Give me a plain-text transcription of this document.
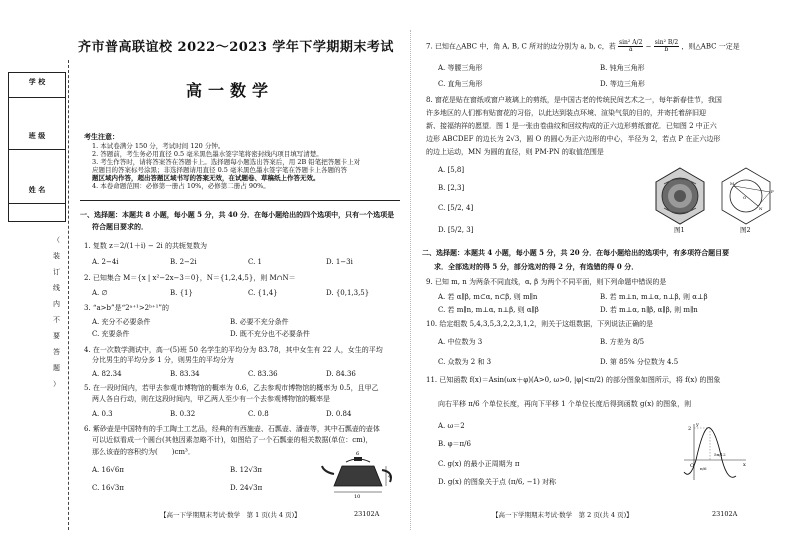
学 校
班 级
姓 名
（
装
订
线
内
不
要
答
题
）
齐市普高联谊校 2022～2023 学年下学期期末考试
高一数学
考生注意：
1. 本试卷满分 150 分，考试时间 120 分钟。
2. 答题前，考生务必用直径 0.5 毫米黑色墨水签字笔将密封线内项目填写清楚。
3. 考生作答时，请将答案答在答题卡上。选择题每小题选出答案后，用 2B 铅笔把答题卡上对
应题目的答案标号涂黑；非选择题请用直径 0.5 毫米黑色墨水签字笔在答题卡上各题的答
题区域内作答，超出答题区域书写的答案无效，在试题卷、草稿纸上作答无效。
4. 本卷命题范围：必修第一册占 10%，必修第二册占 90%。
一、选择题：本题共 8 小题，每小题 5 分，共 40 分．在每小题给出的四个选项中，只有一个选项是
符合题目要求的．
1. 复数 z＝2/(1＋i) − 2i 的共轭复数为
A. 2−4i	B. 2−2i	C. 1	D. 1−3i
2. 已知集合 M＝{x | x²−2x−3＝0}，N＝{1,2,4,5}，则 M∩N＝
A. ∅	B. {1}	C. {1,4}	D. {0,1,3,5}
3. “a>b”是“2ᵃ⁺¹>2ᵇ⁺¹”的
A. 充分不必要条件	B. 必要不充分条件
C. 充要条件	D. 既不充分也不必要条件
4. 在一次数学测试中，高一(5)班 50 名学生的平均分为 83.78，其中女生有 22 人，女生的平均
分比男生的平均分多 1 分，则男生的平均分为
A. 82.34	B. 83.34	C. 83.36	D. 84.36
5. 在一段时间内，若甲去参观市博物馆的概率为 0.6，乙去参观市博物馆的概率为 0.5，且甲乙
两人各自行动，则在这段时间内，甲乙两人至少有一个去参观博物馆的概率是
A. 0.3	B. 0.32	C. 0.8	D. 0.84
6. 紫砂壶是中国特有的手工陶土工艺品，经典的有西施壶、石瓢壶、潘壶等，其中石瓢壶的壶体
可以近似看成一个圆台(其他因素忽略不计)，如图给了一个石瓢壶的相关数据(单位：cm)，
那么该壶的容积约为(　　)cm³．
A. 16√6π	B. 12√3π
C. 16√3π	D. 24√3π
6
4
10
【高一下学期期末考试·数学　第 1 页(共 4 页)】	23102A
7. 已知在△ABC 中，角 A, B, C 所对的边分别为 a, b, c，若 $\frac{\text{sin² A/2}}{a} - \frac{\text{sin² B/2}}{b}$ ，则△ABC 一定是
A. 等腰三角形	B. 钝角三角形
C. 直角三角形	D. 等边三角形
8. 窗花是贴在窗纸或窗户玻璃上的剪纸，是中国古老的传统民间艺术之一，每年新春佳节，我国
许多地区的人们都有贴窗花的习俗，以此达到装点环境、渲染气氛的目的，并寄托着辞旧迎
新、接福纳祥的愿望．图 1 是一张由卷曲纹和回纹构成的正六边形剪纸窗花．已知图 2 中正六
边形 ABCDEF 的边长为 2√3，圆 O 的圆心为正六边形的中心，半径为 2，若点 P 在正六边形
的边上运动，MN 为圆的直径，则 PM·PN 的取值范围是
A. [5,8]
B. [2,3]
C. [5/2, 4]
D. [5/2, 3]	图1
O
M
N
P
图2
二、选择题：本题共 4 小题，每小题 5 分，共 20 分．在每小题给出的选项中，有多项符合题目要
求．全部选对的得 5 分，部分选对的得 2 分，有选错的得 0 分．
9. 已知 m, n 为两条不同直线，α, β 为两个不同平面，则下列命题中错误的是
A. 若 α∥β, m⊂α, n⊂β, 则 m∥n	B. 若 m⊥n, m⊥α, n⊥β, 则 α⊥β
C. 若 m∥n, m⊥α, n⊥β, 则 α∥β	D. 若 m⊥α, n∥β, α∥β, 则 m∥n
10. 给定组数 5,4,3,5,3,2,2,3,1,2，则关于这组数据，下列说法正确的是
A. 中位数为 3	B. 方差为 8/5
C. 众数为 2 和 3	D. 第 85% 分位数为 4.5
11. 已知函数 f(x)＝Asin(ωx＋φ)(A>0, ω>0, |φ|<π/2) 的部分图象如图所示，将 f(x) 的图象
向右平移 π/6 个单位长度，再向下平移 1 个单位长度后得到函数 g(x) 的图象，则
A. ω＝2
B. φ＝π/6
C. g(x) 的最小正周期为 π
D. g(x) 的图象关于点 (π/6, −1) 对称
2
O	x
y
π/6
5π/12
【高一下学期期末考试·数学　第 2 页(共 4 页)】	23102A
